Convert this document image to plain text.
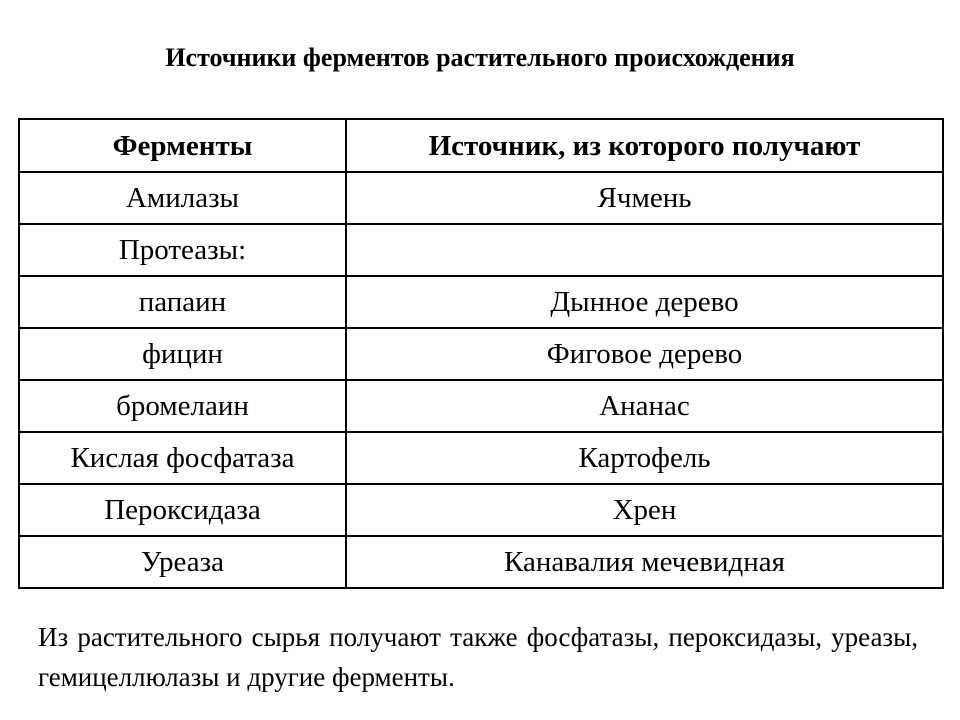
Источники ферментов растительного происхождения
Ферменты	Источник, из которого получают
Амилазы	Ячмень
Протеазы:	
папаин	Дынное дерево
фицин	Фиговое дерево
бромелаин	Ананас
Кислая фосфатаза	Картофель
Пероксидаза	Хрен
Уреаза	Канавалия мечевидная
Из растительного сырья получают также фосфатазы, пероксидазы, уреазы, гемицеллюлазы и другие ферменты.
